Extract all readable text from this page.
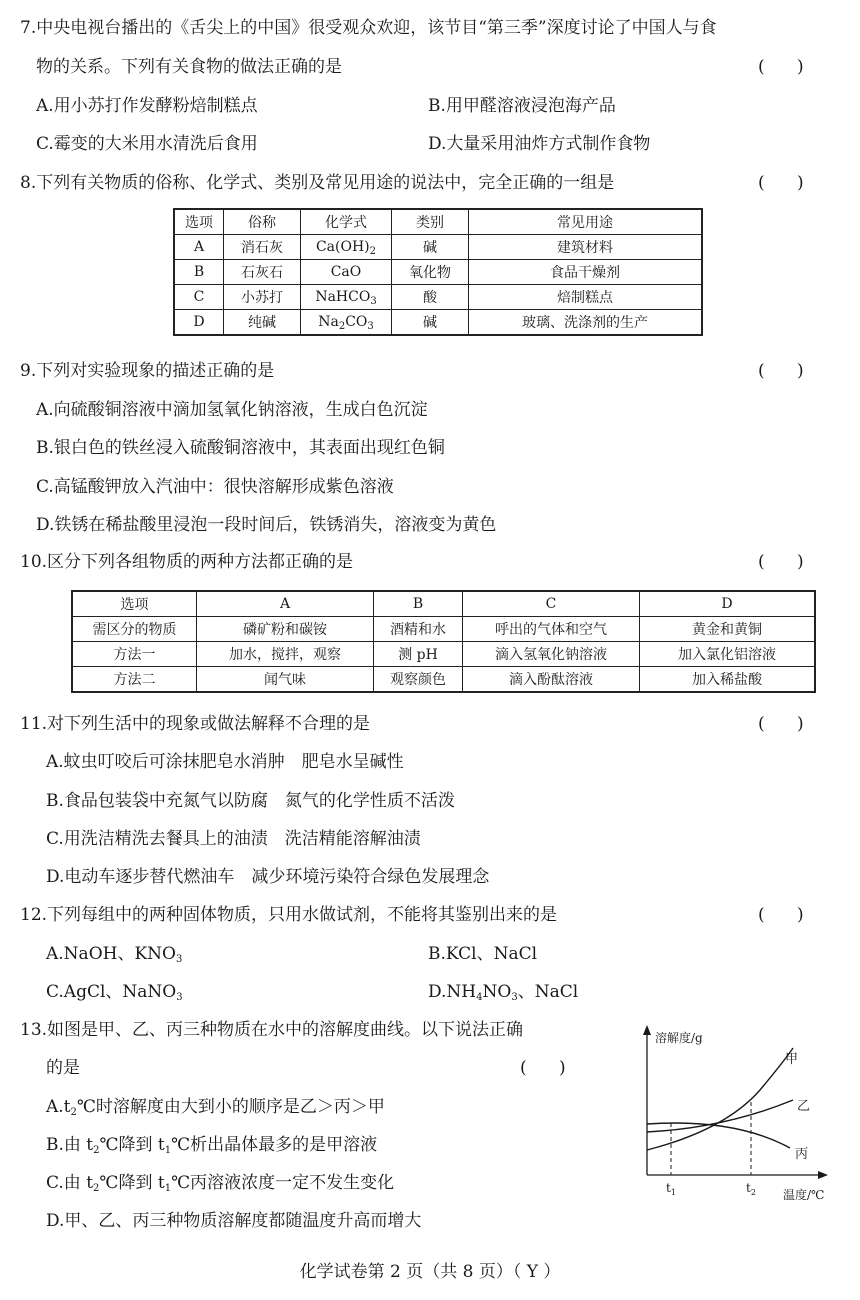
7.中央电视台播出的《舌尖上的中国》很受观众欢迎，该节目“第三季”深度讨论了中国人与食
物的关系。下列有关食物的做法正确的是	(      )
A.用小苏打作发酵粉焙制糕点	B.用甲醛溶液浸泡海产品
C.霉变的大米用水清洗后食用	D.大量采用油炸方式制作食物
8.下列有关物质的俗称、化学式、类别及常见用途的说法中，完全正确的一组是	(      )
选项	俗称	化学式	类别	常见用途
A	消石灰	$Ca(OH)_2$	碱	建筑材料
B	石灰石	CaO	氧化物	食品干燥剂
C	小苏打	NaHCO$_3$	酸	焙制糕点
D	纯碱	$Na_2CO_3$	碱	玻璃、洗涤剂的生产
9.下列对实验现象的描述正确的是	(      )
A.向硫酸铜溶液中滴加氢氧化钠溶液，生成白色沉淀
B.银白色的铁丝浸入硫酸铜溶液中，其表面出现红色铜
C.高锰酸钾放入汽油中：很快溶解形成紫色溶液
D.铁锈在稀盐酸里浸泡一段时间后，铁锈消失，溶液变为黄色
10.区分下列各组物质的两种方法都正确的是	(      )
选项	A	B	C	D
需区分的物质	磷矿粉和碳铵	酒精和水	呼出的气体和空气	黄金和黄铜
方法一	加水，搅拌，观察	测 pH	滴入氢氧化钠溶液	加入氯化铝溶液
方法二	闻气味	观察颜色	滴入酚酞溶液	加入稀盐酸
11.对下列生活中的现象或做法解释不合理的是	(      )
A.蚊虫叮咬后可涂抹肥皂水消肿　肥皂水呈碱性
B.食品包装袋中充氮气以防腐　氮气的化学性质不活泼
C.用洗洁精洗去餐具上的油渍　洗洁精能溶解油渍
D.电动车逐步替代燃油车　减少环境污染符合绿色发展理念
12.下列每组中的两种固体物质，只用水做试剂，不能将其鉴别出来的是	(      )
A.NaOH、$KNO_3$	B.KCl、NaCl
C.AgCl、NaNO$_3$	$D.NH_4NO_3$、NaCl
13.如图是甲、乙、丙三种物质在水中的溶解度曲线。以下说法正确
的是	(      )
$A.t_2℃$时溶解度由大到小的顺序是乙＞丙＞甲
B.由 $t_2℃$降到 $t_1℃$析出晶体最多的是甲溶液
C.由 $t_2℃$降到 $t_1℃$丙溶液浓度一定不发生变化
D.甲、乙、丙三种物质溶解度都随温度升高而增大
溶解度/g
温度/℃
甲
乙
丙
$t_1$	$t_2$
化学试卷第 2 页（共 8 页）（ Y ）
